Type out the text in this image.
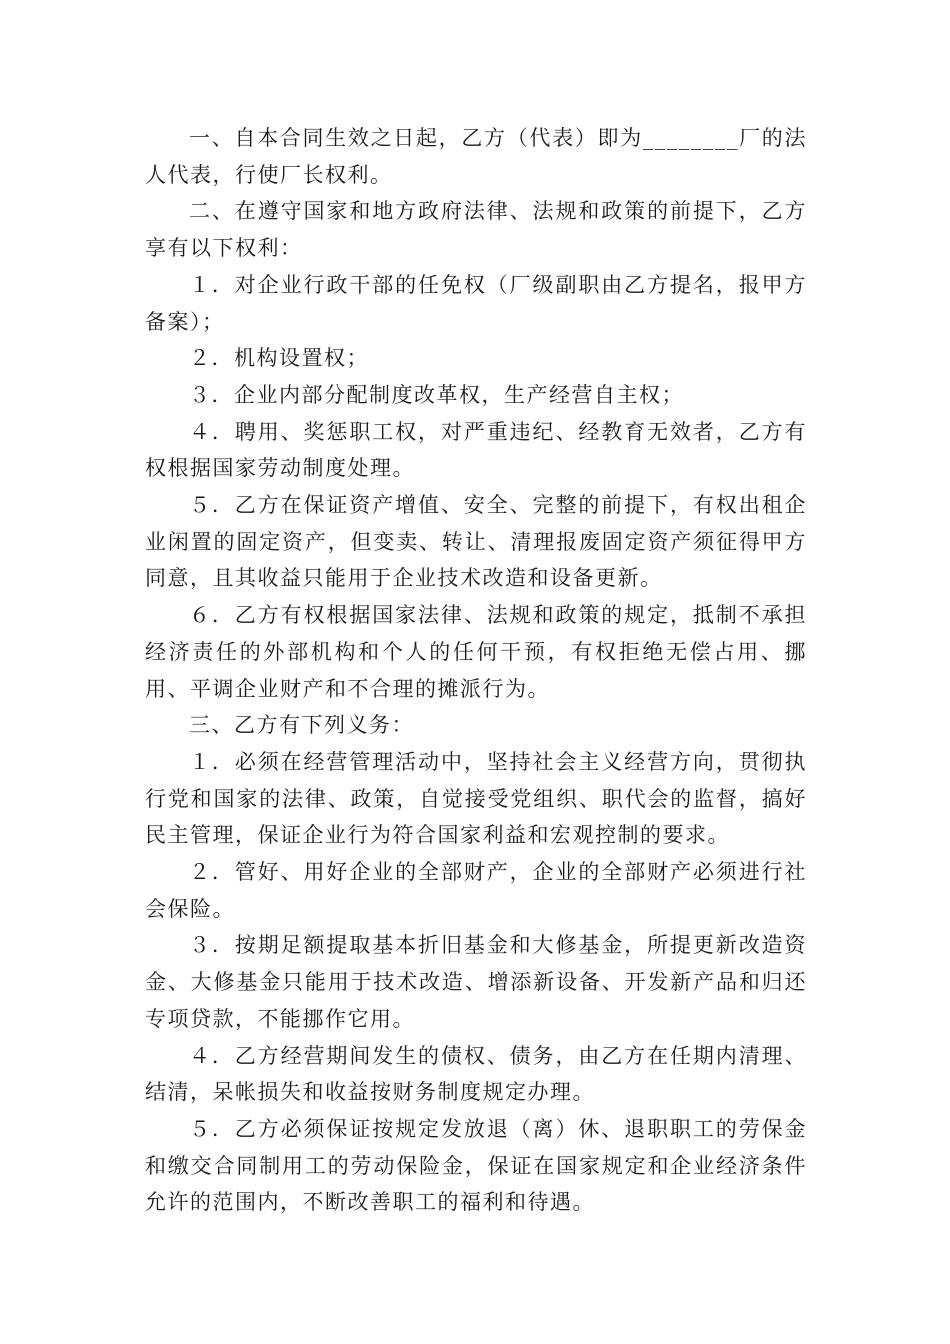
一、自本合同生效之日起，乙方（代表）即为________厂的法人代表，行使厂长权利。

二、在遵守国家和地方政府法律、法规和政策的前提下，乙方享有以下权利：

１．对企业行政干部的任免权（厂级副职由乙方提名，报甲方备案）；

２．机构设置权；

３．企业内部分配制度改革权，生产经营自主权；

４．聘用、奖惩职工权，对严重违纪、经教育无效者，乙方有权根据国家劳动制度处理。

５．乙方在保证资产增值、安全、完整的前提下，有权出租企业闲置的固定资产，但变卖、转让、清理报废固定资产须征得甲方同意，且其收益只能用于企业技术改造和设备更新。

６．乙方有权根据国家法律、法规和政策的规定，抵制不承担经济责任的外部机构和个人的任何干预，有权拒绝无偿占用、挪用、平调企业财产和不合理的摊派行为。

三、乙方有下列义务：

１．必须在经营管理活动中，坚持社会主义经营方向，贯彻执行党和国家的法律、政策，自觉接受党组织、职代会的监督，搞好民主管理，保证企业行为符合国家利益和宏观控制的要求。

２．管好、用好企业的全部财产，企业的全部财产必须进行社会保险。

３．按期足额提取基本折旧基金和大修基金，所提更新改造资金、大修基金只能用于技术改造、增添新设备、开发新产品和归还专项贷款，不能挪作它用。

４．乙方经营期间发生的债权、债务，由乙方在任期内清理、结清，呆帐损失和收益按财务制度规定办理。

５．乙方必须保证按规定发放退（离）休、退职职工的劳保金和缴交合同制用工的劳动保险金，保证在国家规定和企业经济条件允许的范围内，不断改善职工的福利和待遇。
